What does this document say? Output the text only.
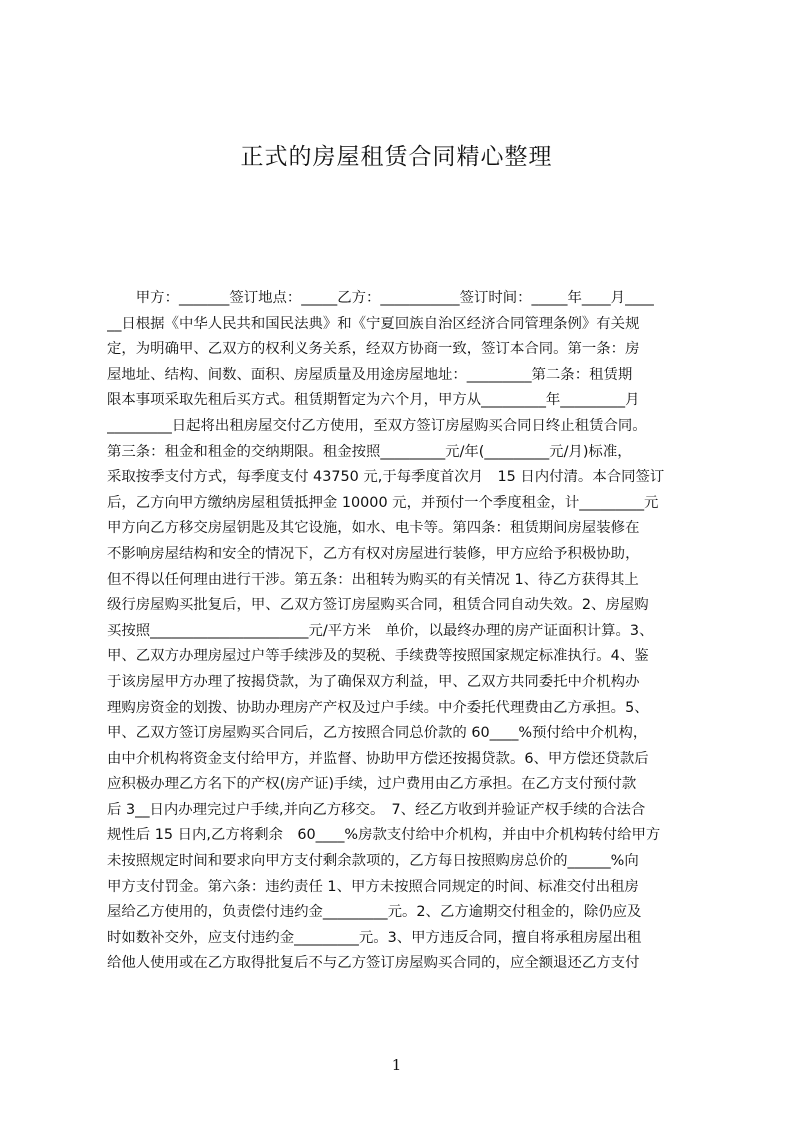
正式的房屋租赁合同精心整理
　　甲方：_______签订地点：_____乙方：___________签订时间：_____年____月____
__日根据《中华人民共和国民法典》和《宁夏回族自治区经济合同管理条例》有关规
定，为明确甲、乙双方的权利义务关系，经双方协商一致，签订本合同。第一条：房
屋地址、结构、间数、面积、房屋质量及用途房屋地址：_________第二条：租赁期
限本事项采取先租后买方式。租赁期暂定为六个月，甲方从_________年_________月
_________日起将出租房屋交付乙方使用，至双方签订房屋购买合同日终止租赁合同。
第三条：租金和租金的交纳期限。租金按照_________元/年(_________元/月)标准，
采取按季支付方式，每季度支付 43750 元,于每季度首次月　15 日内付清。本合同签订
后，乙方向甲方缴纳房屋租赁抵押金 10000 元，并预付一个季度租金，计_________元
甲方向乙方移交房屋钥匙及其它设施，如水、电卡等。第四条：租赁期间房屋装修在
不影响房屋结构和安全的情况下，乙方有权对房屋进行装修，甲方应给予积极协助，
但不得以任何理由进行干涉。第五条：出租转为购买的有关情况 1、待乙方获得其上
级行房屋购买批复后，甲、乙双方签订房屋购买合同，租赁合同自动失效。2、房屋购
买按照______________________元/平方米　单价，以最终办理的房产证面积计算。3、
甲、乙双方办理房屋过户等手续涉及的契税、手续费等按照国家规定标准执行。4、鉴
于该房屋甲方办理了按揭贷款，为了确保双方利益，甲、乙双方共同委托中介机构办
理购房资金的划拨、协助办理房产产权及过户手续。中介委托代理费由乙方承担。5、
甲、乙双方签订房屋购买合同后，乙方按照合同总价款的 60____%预付给中介机构，
由中介机构将资金支付给甲方，并监督、协助甲方偿还按揭贷款。6、甲方偿还贷款后
应积极办理乙方名下的产权(房产证)手续，过户费用由乙方承担。在乙方支付预付款
后 3__日内办理完过户手续,并向乙方移交。　7、经乙方收到并验证产权手续的合法合
规性后 15 日内,乙方将剩余　60____%房款支付给中介机构，并由中介机构转付给甲方
未按照规定时间和要求向甲方支付剩余款项的，乙方每日按照购房总价的______%向
甲方支付罚金。第六条：违约责任 1、甲方未按照合同规定的时间、标准交付出租房
屋给乙方使用的，负责偿付违约金_________元。2、乙方逾期交付租金的，除仍应及
时如数补交外，应支付违约金_________元。3、甲方违反合同，擅自将承租房屋出租
给他人使用或在乙方取得批复后不与乙方签订房屋购买合同的，应全额退还乙方支付
1
